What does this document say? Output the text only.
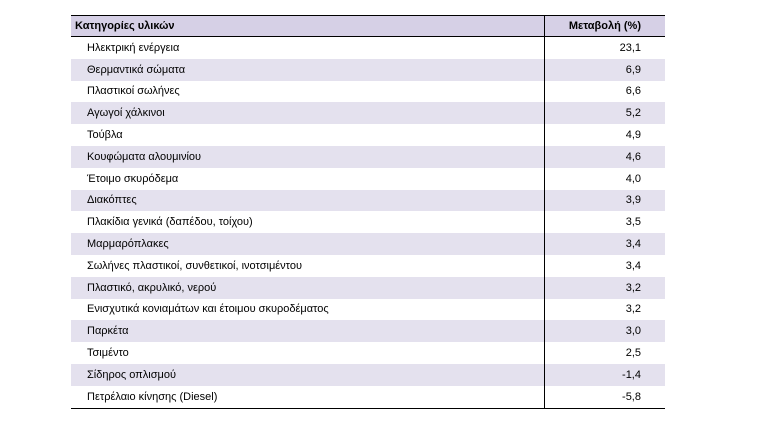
Κατηγορίες υλικών	Μεταβολή (%)
Ηλεκτρική ενέργεια	23,1
Θερμαντικά σώματα	6,9
Πλαστικοί σωλήνες	6,6
Αγωγοί χάλκινοι	5,2
Τούβλα	4,9
Κουφώματα αλουμινίου	4,6
Έτοιμο σκυρόδεμα	4,0
Διακόπτες	3,9
Πλακίδια γενικά (δαπέδου, τοίχου)	3,5
Μαρμαρόπλακες	3,4
Σωλήνες πλαστικοί, συνθετικοί, ινοτσιμέντου	3,4
Πλαστικό, ακρυλικό, νερού	3,2
Ενισχυτικά κονιαμάτων και έτοιμου σκυροδέματος	3,2
Παρκέτα	3,0
Τσιμέντο	2,5
Σίδηρος οπλισμού	-1,4
Πετρέλαιο κίνησης (Diesel)	-5,8
